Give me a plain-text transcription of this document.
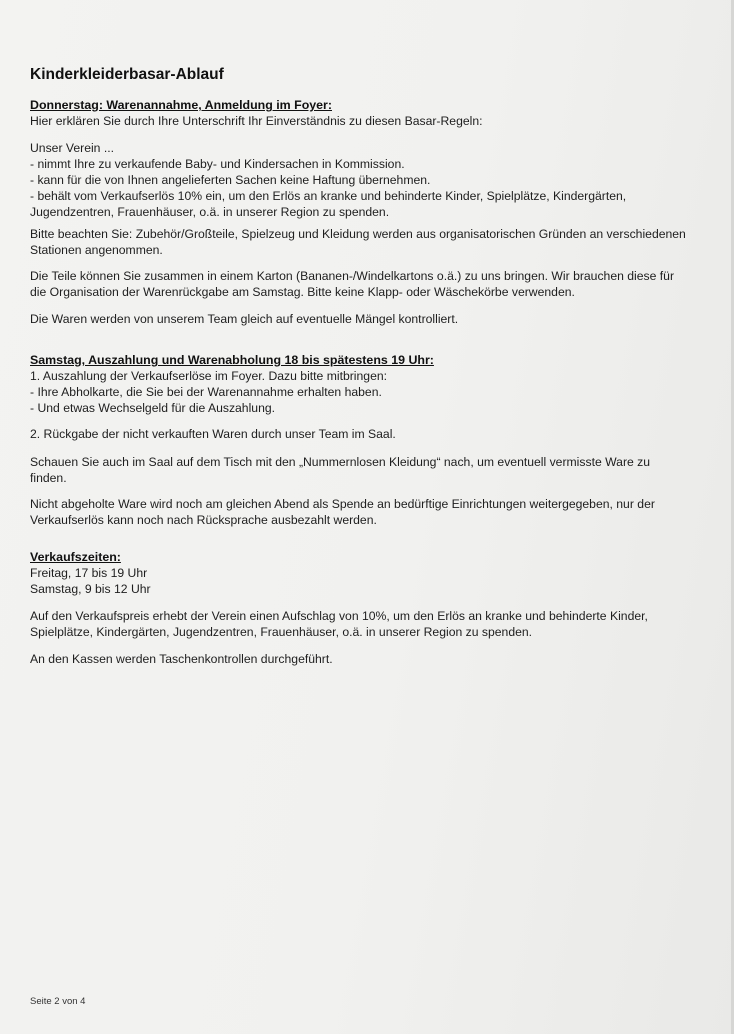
Kinderkleiderbasar-Ablauf
Donnerstag: Warenannahme, Anmeldung im Foyer:
Hier erklären Sie durch Ihre Unterschrift Ihr Einverständnis zu diesen Basar-Regeln:
Unser Verein ...
- nimmt Ihre zu verkaufende Baby- und Kindersachen in Kommission.
- kann für die von Ihnen angelieferten Sachen keine Haftung übernehmen.
- behält vom Verkaufserlös 10% ein, um den Erlös an kranke und behinderte Kinder, Spielplätze, Kindergärten,
Jugendzentren, Frauenhäuser, o.ä. in unserer Region zu spenden.
Bitte beachten Sie: Zubehör/Großteile, Spielzeug und Kleidung werden aus organisatorischen Gründen an verschiedenen
Stationen angenommen.
Die Teile können Sie zusammen in einem Karton (Bananen-/Windelkartons o.ä.) zu uns bringen. Wir brauchen diese für
die Organisation der Warenrückgabe am Samstag. Bitte keine Klapp- oder Wäschekörbe verwenden.
Die Waren werden von unserem Team gleich auf eventuelle Mängel kontrolliert.
Samstag, Auszahlung und Warenabholung 18 bis spätestens 19 Uhr:
1. Auszahlung der Verkaufserlöse im Foyer. Dazu bitte mitbringen:
- Ihre Abholkarte, die Sie bei der Warenannahme erhalten haben.
- Und etwas Wechselgeld für die Auszahlung.
2. Rückgabe der nicht verkauften Waren durch unser Team im Saal.
Schauen Sie auch im Saal auf dem Tisch mit den „Nummernlosen Kleidung“ nach, um eventuell vermisste Ware zu
finden.
Nicht abgeholte Ware wird noch am gleichen Abend als Spende an bedürftige Einrichtungen weitergegeben, nur der
Verkaufserlös kann noch nach Rücksprache ausbezahlt werden.
Verkaufszeiten:
Freitag, 17 bis 19 Uhr
Samstag, 9 bis 12 Uhr
Auf den Verkaufspreis erhebt der Verein einen Aufschlag von 10%, um den Erlös an kranke und behinderte Kinder,
Spielplätze, Kindergärten, Jugendzentren, Frauenhäuser, o.ä. in unserer Region zu spenden.
An den Kassen werden Taschenkontrollen durchgeführt.
Seite 2 von 4
